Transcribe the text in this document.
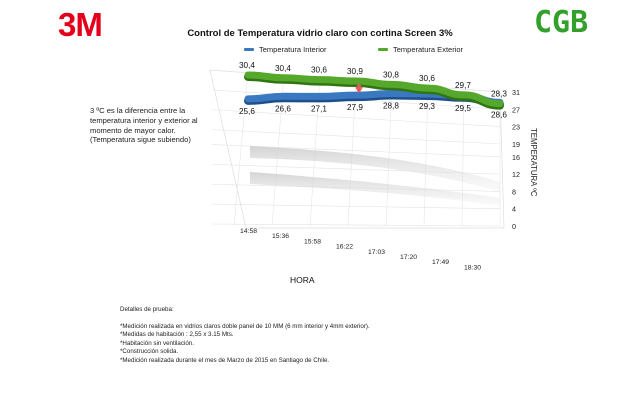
3M	CGB
Control de Temperatura vidrio claro con cortina Screen 3%
Temperatura Interior	Temperatura Exterior
3 ºC es la diferencia entre la temperatura interior y exterior al momento de mayor calor. (Temperatura sigue subiendo)
0
4
8
12
16
19
23
27
31
TEMPERATURA ºC
14:58
15:36
15:58
16:22
17:03
17:20
17:49
18:30
25,6 26,6 27,1 27,9 28,8 29,3 29,5
28,6
30,4 30,4 30,6 30,9 30,8 30,6
29,7
28,3
HORA
Detalles de prueba:
*Medición realizada en vidrios claros doble panel de 10 MM (6 mm interior y 4mm exterior).
*Medidas de habitación : 2,55 x 3.15 Mts.
*Habitación sin ventilación.
*Construcción solida.
*Medición realizada durante el mes de Marzo de 2015 en Santiago de Chile.
